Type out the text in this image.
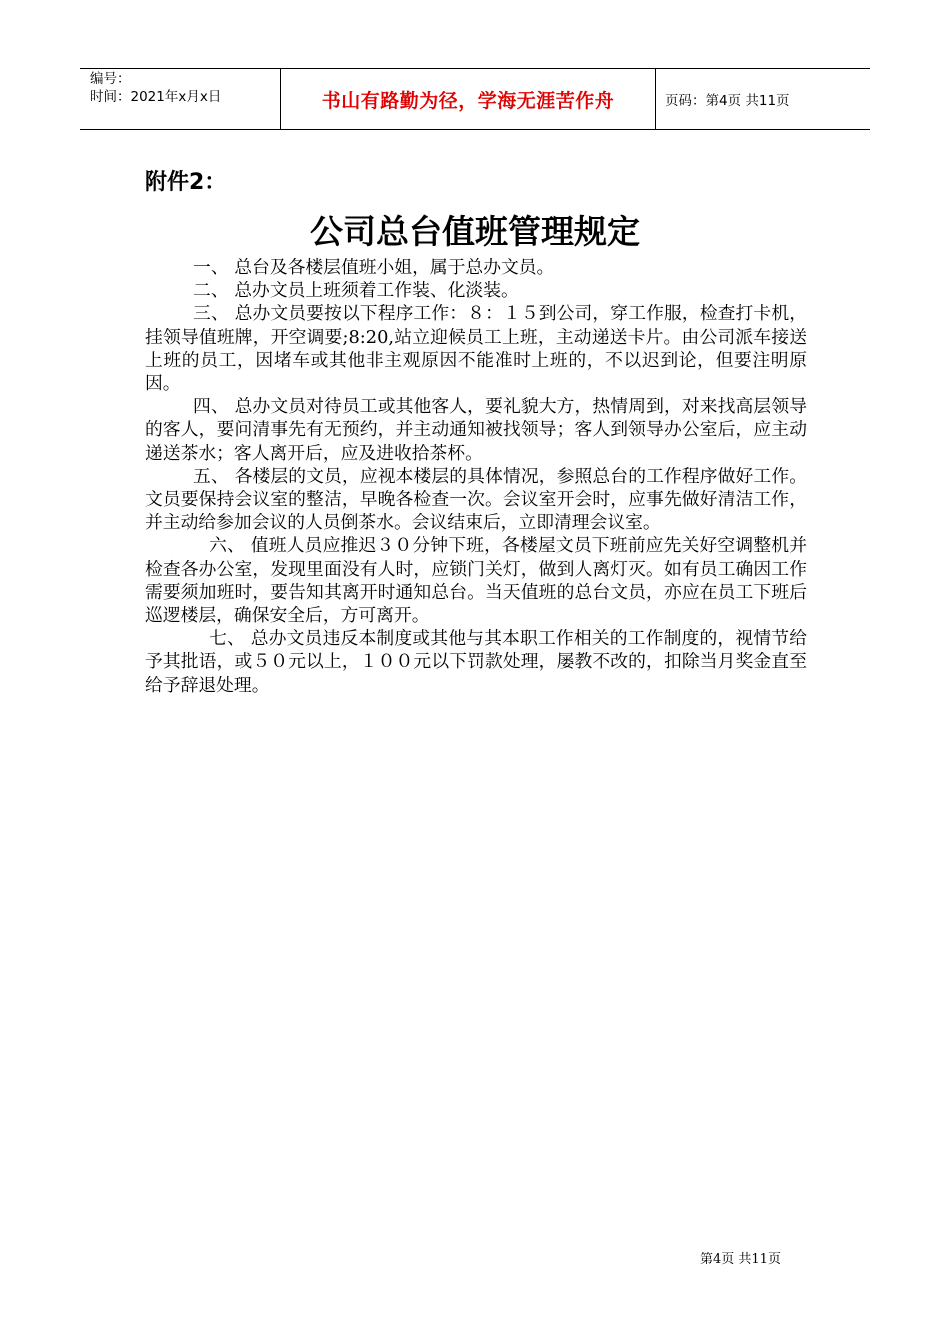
编号：
时间：2021年x月x日	书山有路勤为径，学海无涯苦作舟	页码：第4页 共11页
附件2：
公司总台值班管理规定

一、 总台及各楼层值班小姐，属于总办文员。

二、 总办文员上班须着工作装、化淡装。

三、 总办文员要按以下程序工作：８：１５到公司，穿工作服，检查打卡机，挂领导值班牌，开空调要;8:20,站立迎候员工上班，主动递送卡片。由公司派车接送上班的员工，因堵车或其他非主观原因不能准时上班的，不以迟到论，但要注明原因。

四、 总办文员对待员工或其他客人，要礼貌大方，热情周到，对来找高层领导的客人，要问清事先有无预约，并主动通知被找领导；客人到领导办公室后，应主动递送茶水；客人离开后，应及进收拾茶杯。

五、 各楼层的文员，应视本楼层的具体情况，参照总台的工作程序做好工作。文员要保持会议室的整洁，早晚各检查一次。会议室开会时，应事先做好清洁工作，并主动给参加会议的人员倒茶水。会议结束后，立即清理会议室。

六、 值班人员应推迟３０分钟下班，各楼屋文员下班前应先关好空调整机并检查各办公室，发现里面没有人时，应锁门关灯，做到人离灯灭。如有员工确因工作需要须加班时，要告知其离开时通知总台。当天值班的总台文员，亦应在员工下班后巡逻楼层，确保安全后，方可离开。

七、 总办文员违反本制度或其他与其本职工作相关的工作制度的，视情节给予其批语，或５０元以上，１００元以下罚款处理，屡教不改的，扣除当月奖金直至给予辞退处理。

第4页 共11页
